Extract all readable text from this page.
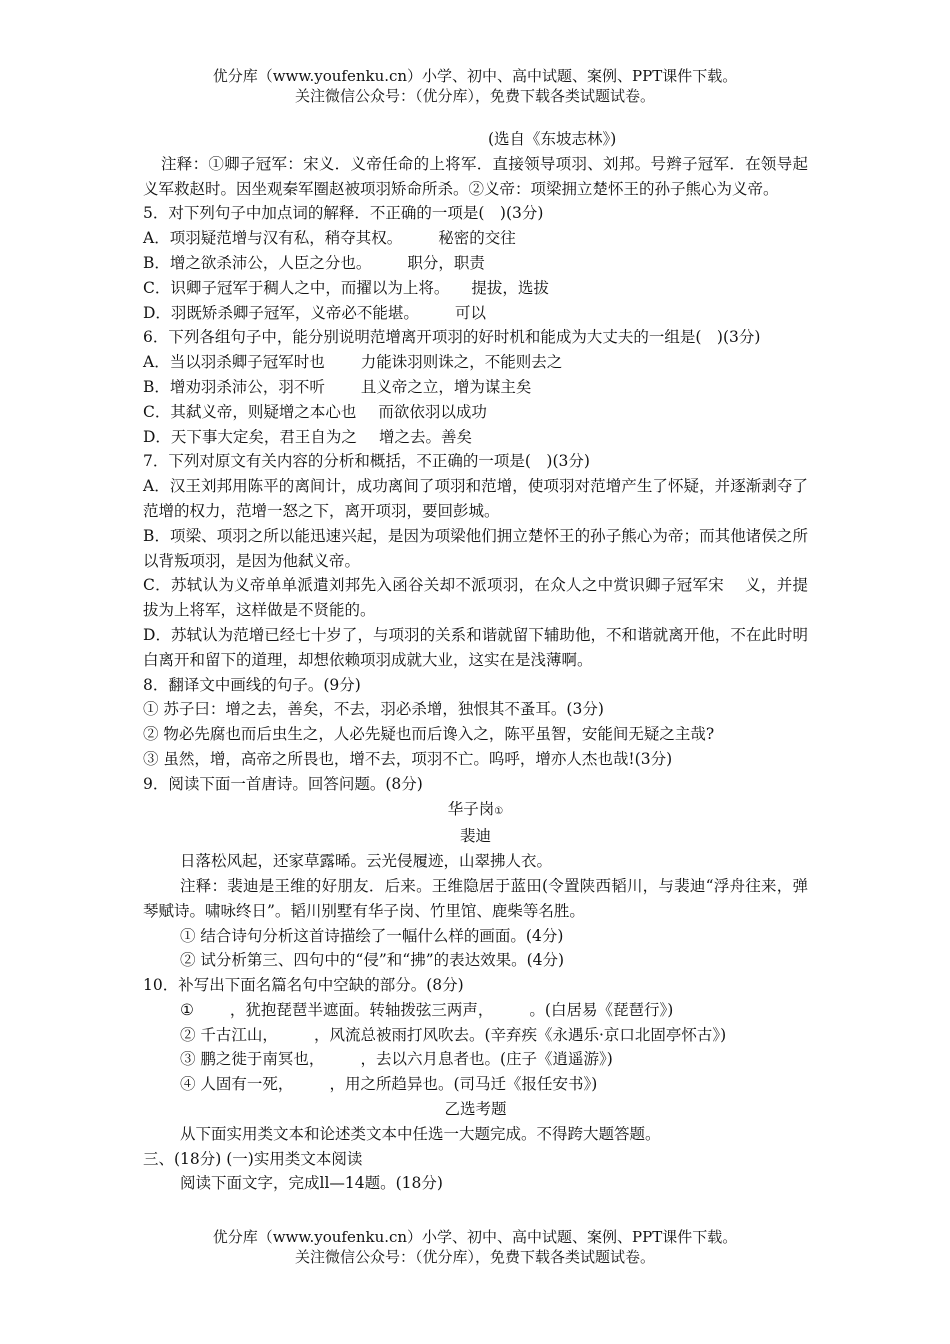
优分库（www.youfenku.cn）小学、初中、高中试题、案例、PPT课件下载。
关注微信公众号：（优分库），免费下载各类试题试卷。

(选自《东坡志林》)

注释：①卿子冠军：宋义．义帝任命的上将军．直接领导项羽、刘邦。号辫子冠军．在领导起义军救赵时。因坐观秦军圈赵被项羽矫命所杀。②义帝：项梁拥立楚怀王的孙子熊心为义帝。

5．对下列句子中加点词的解释．不正确的一项是(　)(3分)

A．项羽疑范增与汉有私，稍夺其权。 秘密的交往

B．增之欲杀沛公，人臣之分也。 职分，职责

C．识卿子冠军于稠人之中，而擢以为上将。 提拔，选拔

D．羽既矫杀卿子冠军，义帝必不能堪。 可以

6．下列各组句子中，能分别说明范增离开项羽的好时机和能成为大丈夫的一组是(　)(3分)

A．当以羽杀卿子冠军时也 力能诛羽则诛之，不能则去之

B．增劝羽杀沛公，羽不听 且义帝之立，增为谋主矣

C．其弑义帝，则疑增之本心也 而欲依羽以成功

D．天下事大定矣，君王自为之 增之去。善矣

7．下列对原文有关内容的分析和概括，不正确的一项是(　)(3分)

A．汉王刘邦用陈平的离间计，成功离间了项羽和范增，使项羽对范增产生了怀疑，并逐渐剥夺了范增的权力，范增一怒之下，离开项羽，要回彭城。

B．项梁、项羽之所以能迅速兴起，是因为项梁他们拥立楚怀王的孙子熊心为帝；而其他诸侯之所以背叛项羽，是因为他弑义帝。

C．苏轼认为义帝单单派遣刘邦先入函谷关却不派项羽，在众人之中赏识卿子冠军宋　 义，并提拔为上将军，这样做是不贤能的。

D．苏轼认为范增已经七十岁了，与项羽的关系和谐就留下辅助他，不和谐就离开他，不在此时明白离开和留下的道理，却想依赖项羽成就大业，这实在是浅薄啊。

8．翻译文中画线的句子。(9分)

① 苏子曰：增之去，善矣，不去，羽必杀增，独恨其不蚤耳。(3分)

② 物必先腐也而后虫生之，人必先疑也而后谗入之，陈平虽智，安能间无疑之主哉?

③ 虽然，增，高帝之所畏也，增不去，项羽不亡。呜呼，增亦人杰也哉!(3分)

9．阅读下面一首唐诗。回答问题。(8分)

华子岗①

裴迪

日落松风起，还家草露晞。云光侵履迹，山翠拂人衣。

注释：裴迪是王维的好朋友．后来。王维隐居于蓝田(令置陕西韬川，与裴迪“浮舟往来，弹琴赋诗。啸咏终日”。韬川别墅有华子岗、竹里馆、鹿柴等名胜。

① 结合诗句分析这首诗描绘了一幅什么样的画面。(4分)

② 试分析第三、四句中的“侵”和“拂”的表达效果。(4分)

10．补写出下面名篇名句中空缺的部分。(8分)

① ，犹抱琵琶半遮面。转轴拨弦三两声， 。(白居易《琵琶行》)

② 千古江山， ，风流总被雨打风吹去。(辛弃疾《永遇乐·京口北固亭怀古》)

③ 鹏之徙于南冥也， ，去以六月息者也。(庄子《逍遥游》)

④ 人固有一死， ，用之所趋异也。(司马迁《报任安书》)

乙选考题

从下面实用类文本和论述类文本中任选一大题完成。不得跨大题答题。

三、(18分) (一)实用类文本阅读

阅读下面文字，完成ll—14题。(18分)

优分库（www.youfenku.cn）小学、初中、高中试题、案例、PPT课件下载。
关注微信公众号：（优分库），免费下载各类试题试卷。
